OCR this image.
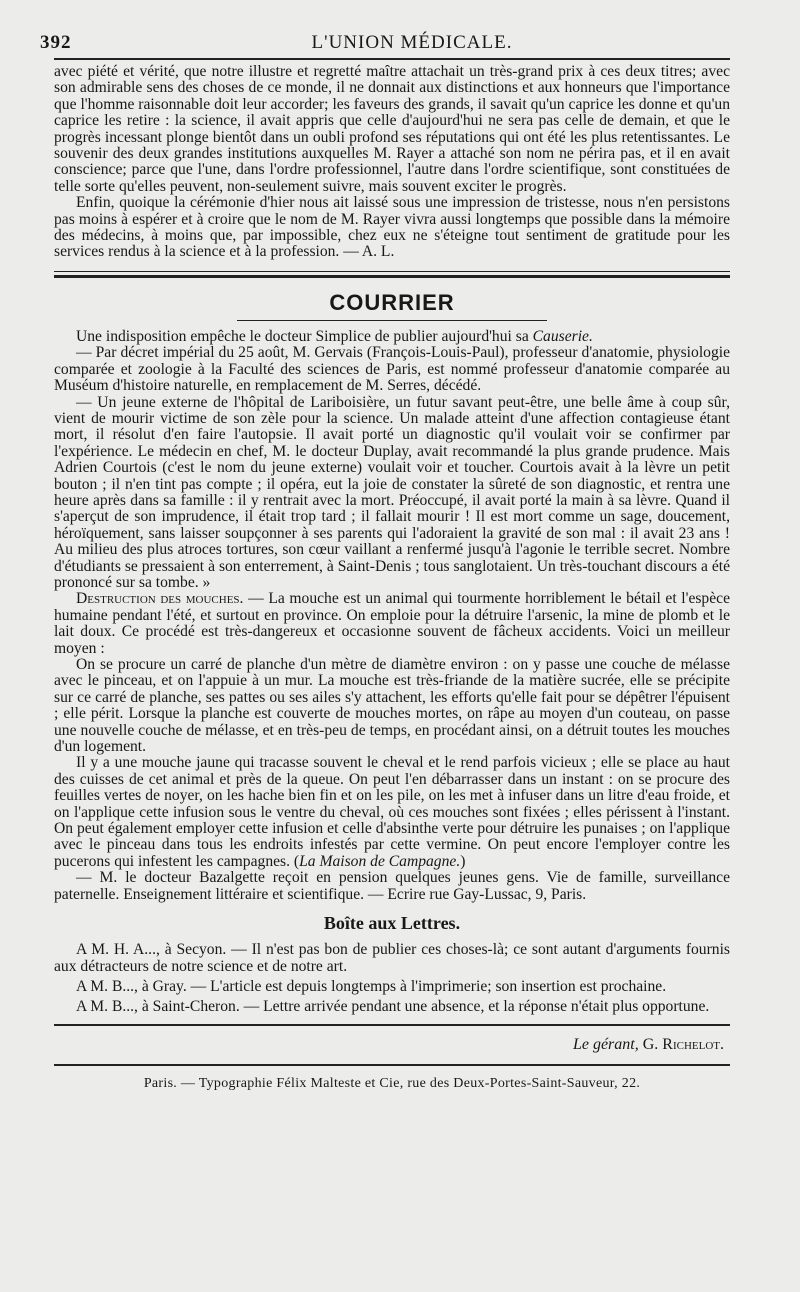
392	L'UNION MÉDICALE.

avec piété et vérité, que notre illustre et regretté maître attachait un très-grand prix à ces deux titres; avec son admirable sens des choses de ce monde, il ne donnait aux distinctions et aux honneurs que l'importance que l'homme raisonnable doit leur accorder; les faveurs des grands, il savait qu'un caprice les donne et qu'un caprice les retire : la science, il avait appris que celle d'aujourd'hui ne sera pas celle de demain, et que le progrès incessant plonge bientôt dans un oubli profond ses réputations qui ont été les plus retentissantes. Le souvenir des deux grandes institutions auxquelles M. Rayer a attaché son nom ne périra pas, et il en avait conscience; parce que l'une, dans l'ordre professionnel, l'autre dans l'ordre scientifique, sont constituées de telle sorte qu'elles peuvent, non-seulement suivre, mais souvent exciter le progrès.

Enfin, quoique la cérémonie d'hier nous ait laissé sous une impression de tristesse, nous n'en persistons pas moins à espérer et à croire que le nom de M. Rayer vivra aussi longtemps que possible dans la mémoire des médecins, à moins que, par impossible, chez eux ne s'éteigne tout sentiment de gratitude pour les services rendus à la science et à la profession. — A. L.

COURRIER

Une indisposition empêche le docteur Simplice de publier aujourd'hui sa Causerie.

— Par décret impérial du 25 août, M. Gervais (François-Louis-Paul), professeur d'anatomie, physiologie comparée et zoologie à la Faculté des sciences de Paris, est nommé professeur d'anatomie comparée au Muséum d'histoire naturelle, en remplacement de M. Serres, décédé.

— Un jeune externe de l'hôpital de Lariboisière, un futur savant peut-être, une belle âme à coup sûr, vient de mourir victime de son zèle pour la science. Un malade atteint d'une affection contagieuse étant mort, il résolut d'en faire l'autopsie. Il avait porté un diagnostic qu'il voulait voir se confirmer par l'expérience. Le médecin en chef, M. le docteur Duplay, avait recommandé la plus grande prudence. Mais Adrien Courtois (c'est le nom du jeune externe) voulait voir et toucher. Courtois avait à la lèvre un petit bouton ; il n'en tint pas compte ; il opéra, eut la joie de constater la sûreté de son diagnostic, et rentra une heure après dans sa famille : il y rentrait avec la mort. Préoccupé, il avait porté la main à sa lèvre. Quand il s'aperçut de son imprudence, il était trop tard ; il fallait mourir ! Il est mort comme un sage, doucement, héroïquement, sans laisser soupçonner à ses parents qui l'adoraient la gravité de son mal : il avait 23 ans ! Au milieu des plus atroces tortures, son cœur vaillant a renfermé jusqu'à l'agonie le terrible secret. Nombre d'étudiants se pressaient à son enterrement, à Saint-Denis ; tous sanglotaient. Un très-touchant discours a été prononcé sur sa tombe. »

Destruction des mouches. — La mouche est un animal qui tourmente horriblement le bétail et l'espèce humaine pendant l'été, et surtout en province. On emploie pour la détruire l'arsenic, la mine de plomb et le lait doux. Ce procédé est très-dangereux et occasionne souvent de fâcheux accidents. Voici un meilleur moyen :

On se procure un carré de planche d'un mètre de diamètre environ : on y passe une couche de mélasse avec le pinceau, et on l'appuie à un mur. La mouche est très-friande de la matière sucrée, elle se précipite sur ce carré de planche, ses pattes ou ses ailes s'y attachent, les efforts qu'elle fait pour se dépêtrer l'épuisent ; elle périt. Lorsque la planche est couverte de mouches mortes, on râpe au moyen d'un couteau, on passe une nouvelle couche de mélasse, et en très-peu de temps, en procédant ainsi, on a détruit toutes les mouches d'un logement.

Il y a une mouche jaune qui tracasse souvent le cheval et le rend parfois vicieux ; elle se place au haut des cuisses de cet animal et près de la queue. On peut l'en débarrasser dans un instant : on se procure des feuilles vertes de noyer, on les hache bien fin et on les pile, on les met à infuser dans un litre d'eau froide, et on l'applique cette infusion sous le ventre du cheval, où ces mouches sont fixées ; elles périssent à l'instant. On peut également employer cette infusion et celle d'absinthe verte pour détruire les punaises ; on l'applique avec le pinceau dans tous les endroits infestés par cette vermine. On peut encore l'employer contre les pucerons qui infestent les campagnes. (La Maison de Campagne.)

— M. le docteur Bazalgette reçoit en pension quelques jeunes gens. Vie de famille, surveillance paternelle. Enseignement littéraire et scientifique. — Ecrire rue Gay-Lussac, 9, Paris.

Boîte aux Lettres.

A M. H. A..., à Secyon. — Il n'est pas bon de publier ces choses-là; ce sont autant d'arguments fournis aux détracteurs de notre science et de notre art.

A M. B..., à Gray. — L'article est depuis longtemps à l'imprimerie; son insertion est prochaine.

A M. B..., à Saint-Cheron. — Lettre arrivée pendant une absence, et la réponse n'était plus opportune.

Le gérant, G. Richelot.
Paris. — Typographie Félix Malteste et Cie, rue des Deux-Portes-Saint-Sauveur, 22.
